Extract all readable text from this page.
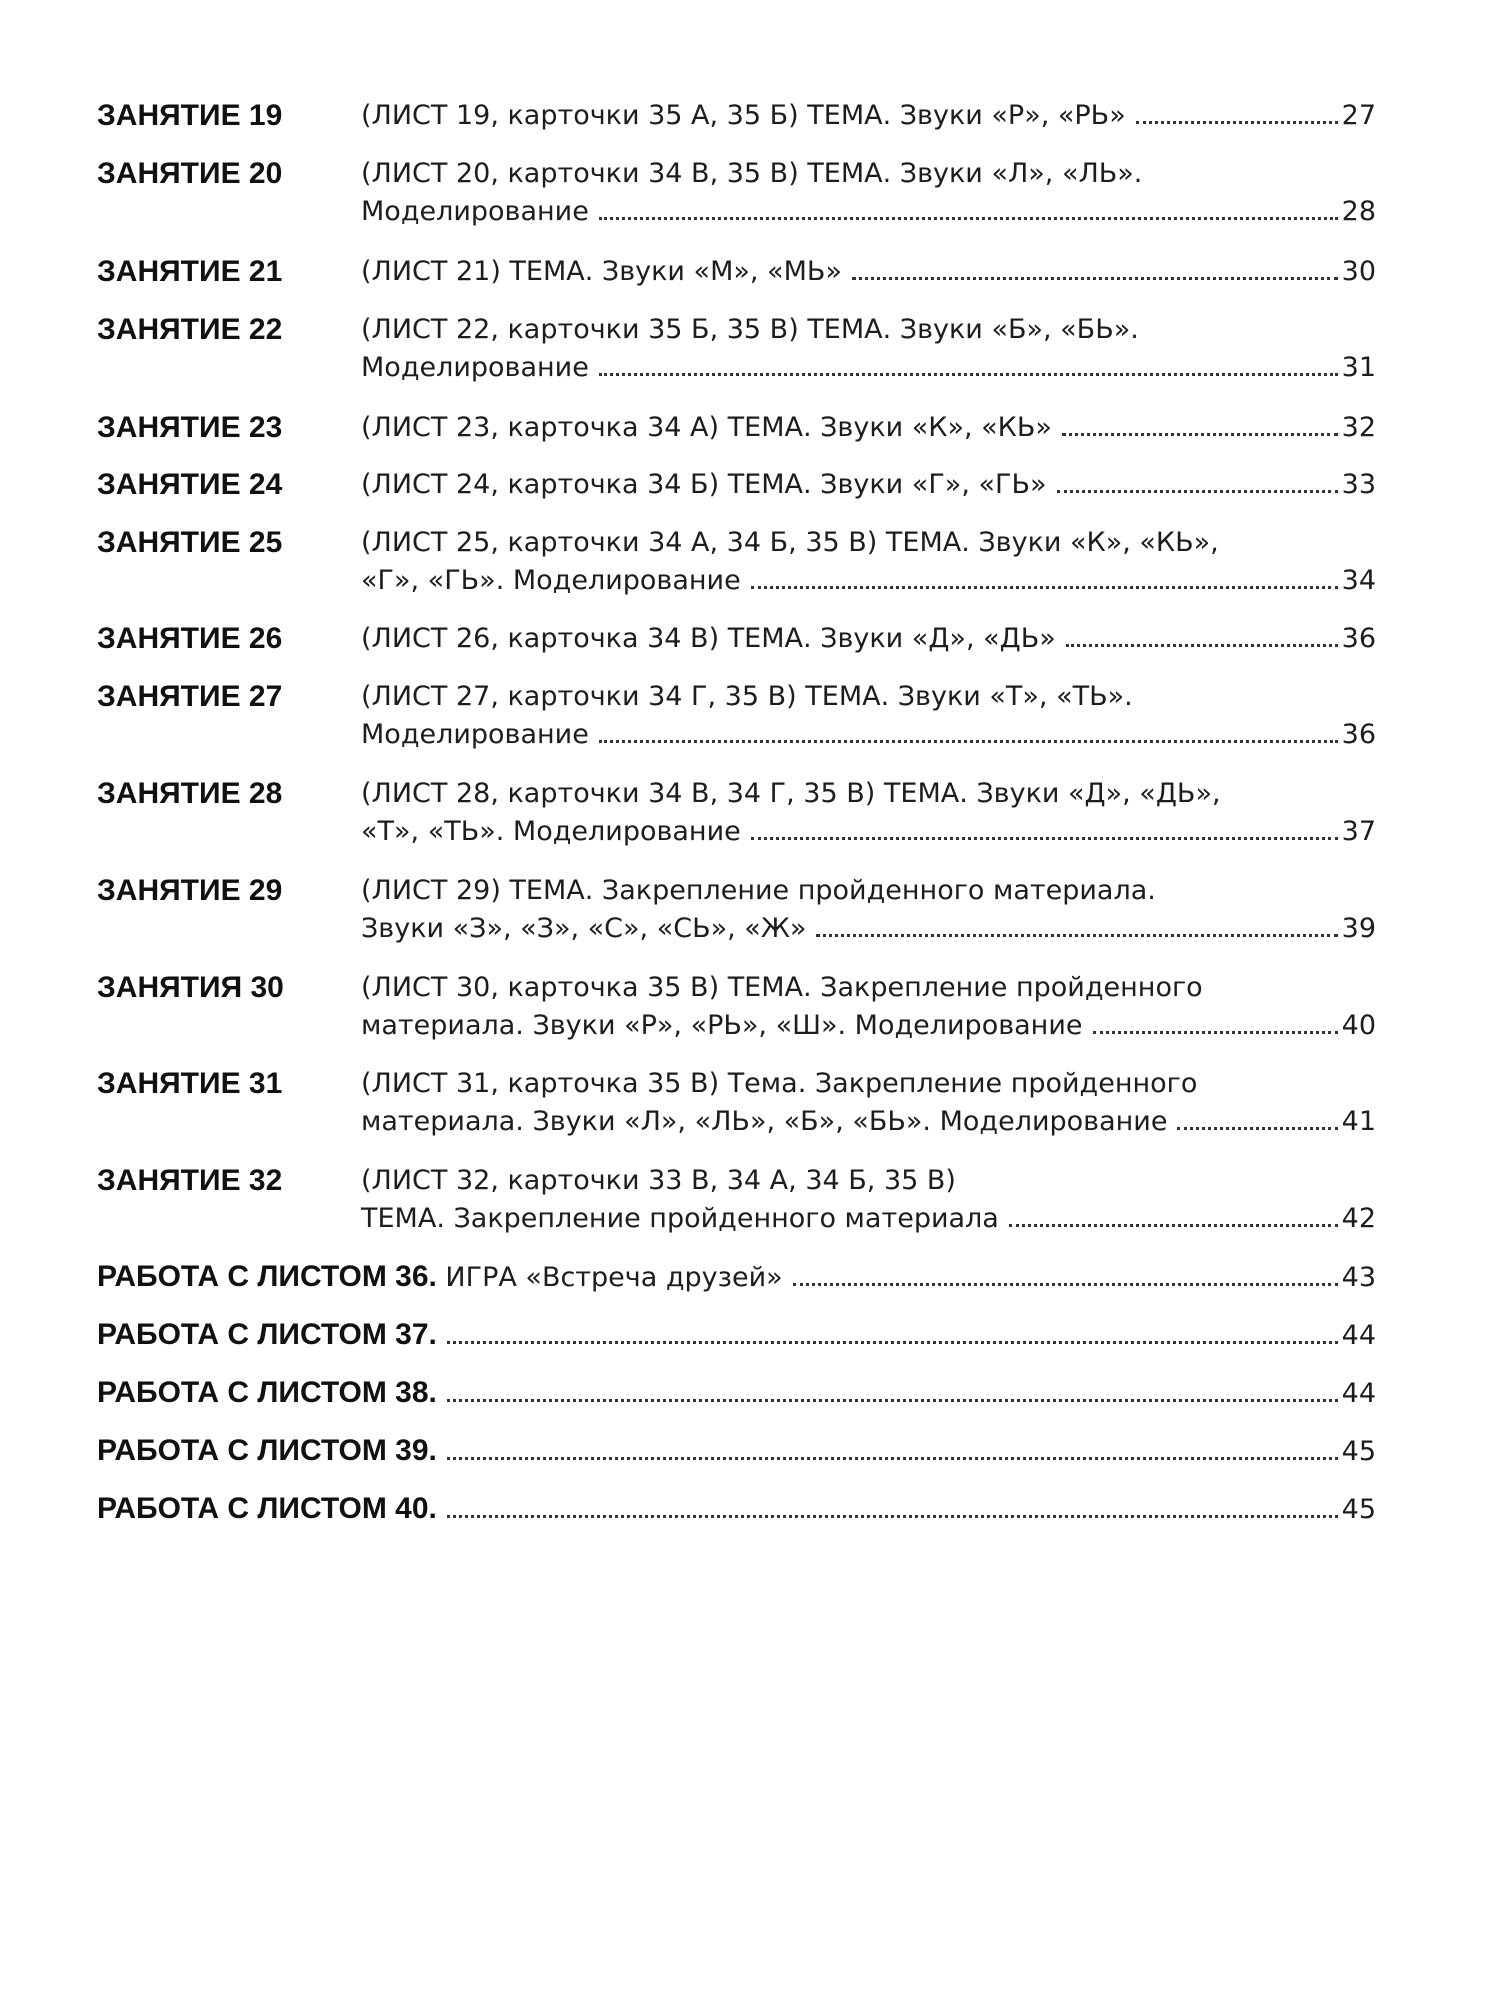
ЗАНЯТИЕ 19	(ЛИСТ 19, карточки 35 А, 35 Б) ТЕМА. Звуки «Р», «РЬ»	27
ЗАНЯТИЕ 20	(ЛИСТ 20, карточки 34 В, 35 В) ТЕМА. Звуки «Л», «ЛЬ».
Моделирование	28
ЗАНЯТИЕ 21	(ЛИСТ 21) ТЕМА. Звуки «М», «МЬ»	30
ЗАНЯТИЕ 22	(ЛИСТ 22, карточки 35 Б, 35 В) ТЕМА. Звуки «Б», «БЬ».
Моделирование	31
ЗАНЯТИЕ 23	(ЛИСТ 23, карточка 34 А) ТЕМА. Звуки «К», «КЬ»	32
ЗАНЯТИЕ 24	(ЛИСТ 24, карточка 34 Б) ТЕМА. Звуки «Г», «ГЬ»	33
ЗАНЯТИЕ 25	(ЛИСТ 25, карточки 34 А, 34 Б, 35 В) ТЕМА. Звуки «К», «КЬ»,
«Г», «ГЬ». Моделирование	34
ЗАНЯТИЕ 26	(ЛИСТ 26, карточка 34 В) ТЕМА. Звуки «Д», «ДЬ»	36
ЗАНЯТИЕ 27	(ЛИСТ 27, карточки 34 Г, 35 В) ТЕМА. Звуки «Т», «ТЬ».
Моделирование	36
ЗАНЯТИЕ 28	(ЛИСТ 28, карточки 34 В, 34 Г, 35 В) ТЕМА. Звуки «Д», «ДЬ»,
«Т», «ТЬ». Моделирование	37
ЗАНЯТИЕ 29	(ЛИСТ 29) ТЕМА. Закрепление пройденного материала.
Звуки «З», «З», «С», «СЬ», «Ж»	39
ЗАНЯТИЯ 30	(ЛИСТ 30, карточка 35 В) ТЕМА. Закрепление пройденного
материала. Звуки «Р», «РЬ», «Ш». Моделирование	40
ЗАНЯТИЕ 31	(ЛИСТ 31, карточка 35 В) Тема. Закрепление пройденного
материала. Звуки «Л», «ЛЬ», «Б», «БЬ». Моделирование	41
ЗАНЯТИЕ 32	(ЛИСТ 32, карточки 33 В, 34 А, 34 Б, 35 В)
ТЕМА. Закрепление пройденного материала	42
РАБОТА С ЛИСТОМ 36. ИГРА «Встреча друзей»	43
РАБОТА С ЛИСТОМ 37.	44
РАБОТА С ЛИСТОМ 38.	44
РАБОТА С ЛИСТОМ 39.	45
РАБОТА С ЛИСТОМ 40.	45
